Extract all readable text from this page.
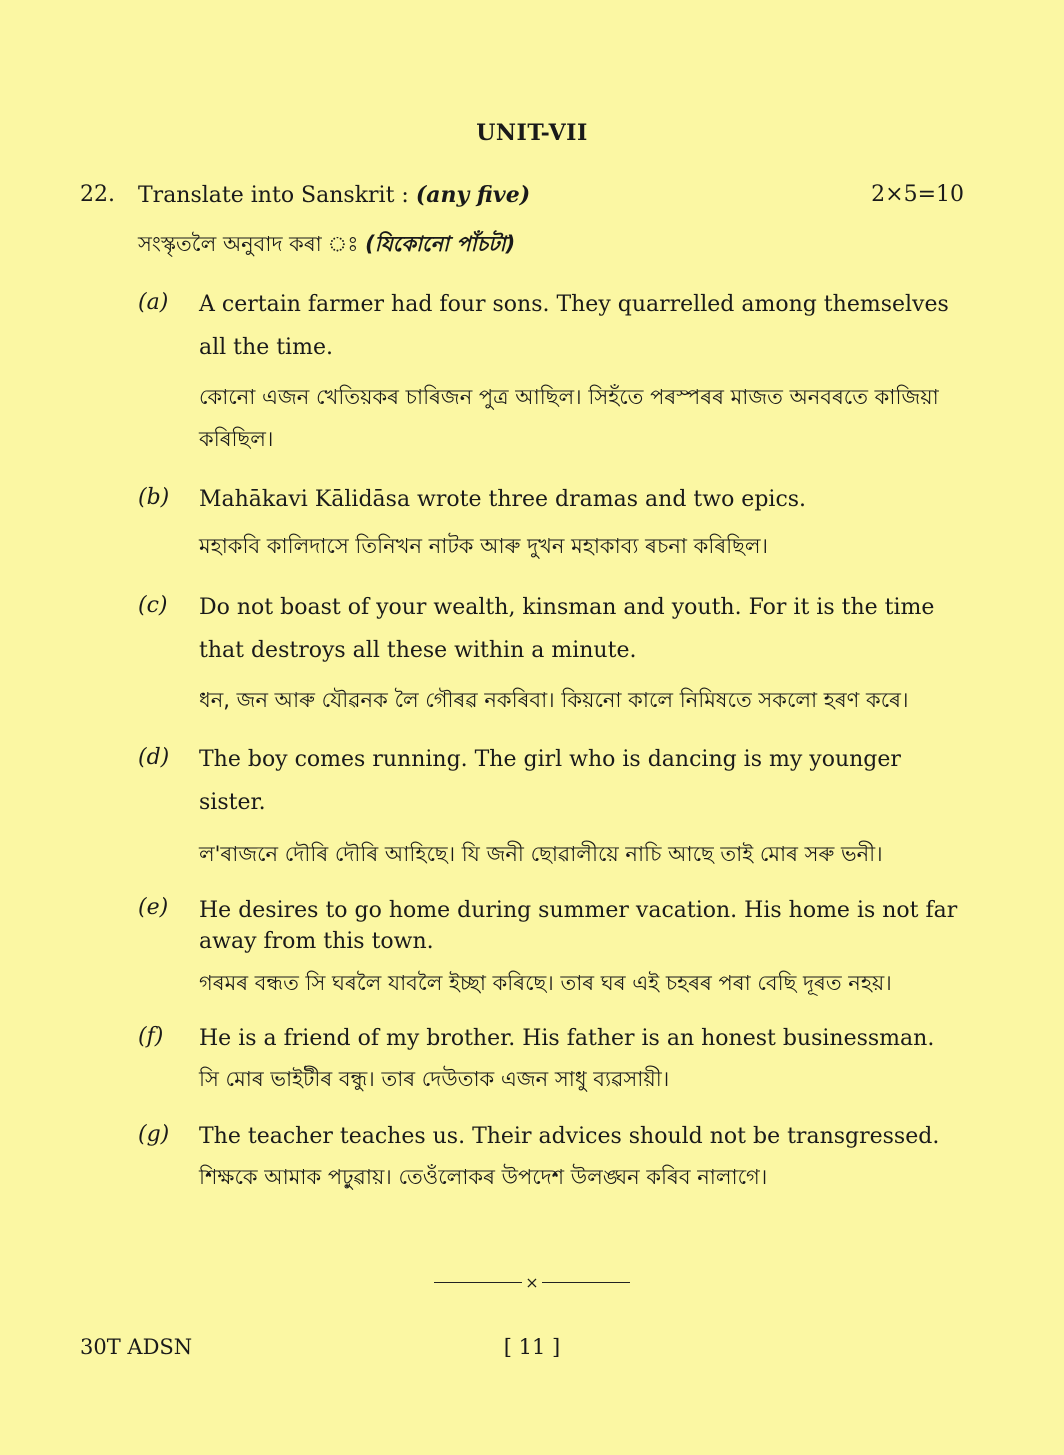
UNIT-VII
22. Translate into Sanskrit : (any five)	2×5=10
সংস্কৃতলৈ অনুবাদ কৰা ঃ (যিকোনো পাঁচটা)
(a) A certain farmer had four sons. They quarrelled among themselves all the time.
কোনো এজন খেতিয়কৰ চাৰিজন পুত্ৰ আছিল। সিহঁতে পৰস্পৰৰ মাজত অনবৰতে কাজিয়া কৰিছিল।
(b) Mahākavi Kālidāsa wrote three dramas and two epics.
মহাকবি কালিদাসে তিনিখন নাটক আৰু দুখন মহাকাব্য ৰচনা কৰিছিল।
(c) Do not boast of your wealth, kinsman and youth. For it is the time that destroys all these within a minute.
ধন, জন আৰু যৌৱনক লৈ গৌৰৱ নকৰিবা। কিয়নো কালে নিমিষতে সকলো হৰণ কৰে।
(d) The boy comes running. The girl who is dancing is my younger sister.
ল'ৰাজনে দৌৰি দৌৰি আহিছে। যি জনী ছোৱালীয়ে নাচি আছে তাই মোৰ সৰু ভনী।
(e) He desires to go home during summer vacation. His home is not far away from this town.
গৰমৰ বন্ধত সি ঘৰলৈ যাবলৈ ইচ্ছা কৰিছে। তাৰ ঘৰ এই চহৰৰ পৰা বেছি দূৰত নহয়।
(f) He is a friend of my brother. His father is an honest businessman.
সি মোৰ ভাইটীৰ বন্ধু। তাৰ দেউতাক এজন সাধু ব্যৱসায়ী।
(g) The teacher teaches us. Their advices should not be transgressed.
শিক্ষকে আমাক পঢ়ুৱায়। তেওঁলোকৰ উপদেশ উলঙ্ঘন কৰিব নালাগে।
×
30T ADSN	[ 11 ]
